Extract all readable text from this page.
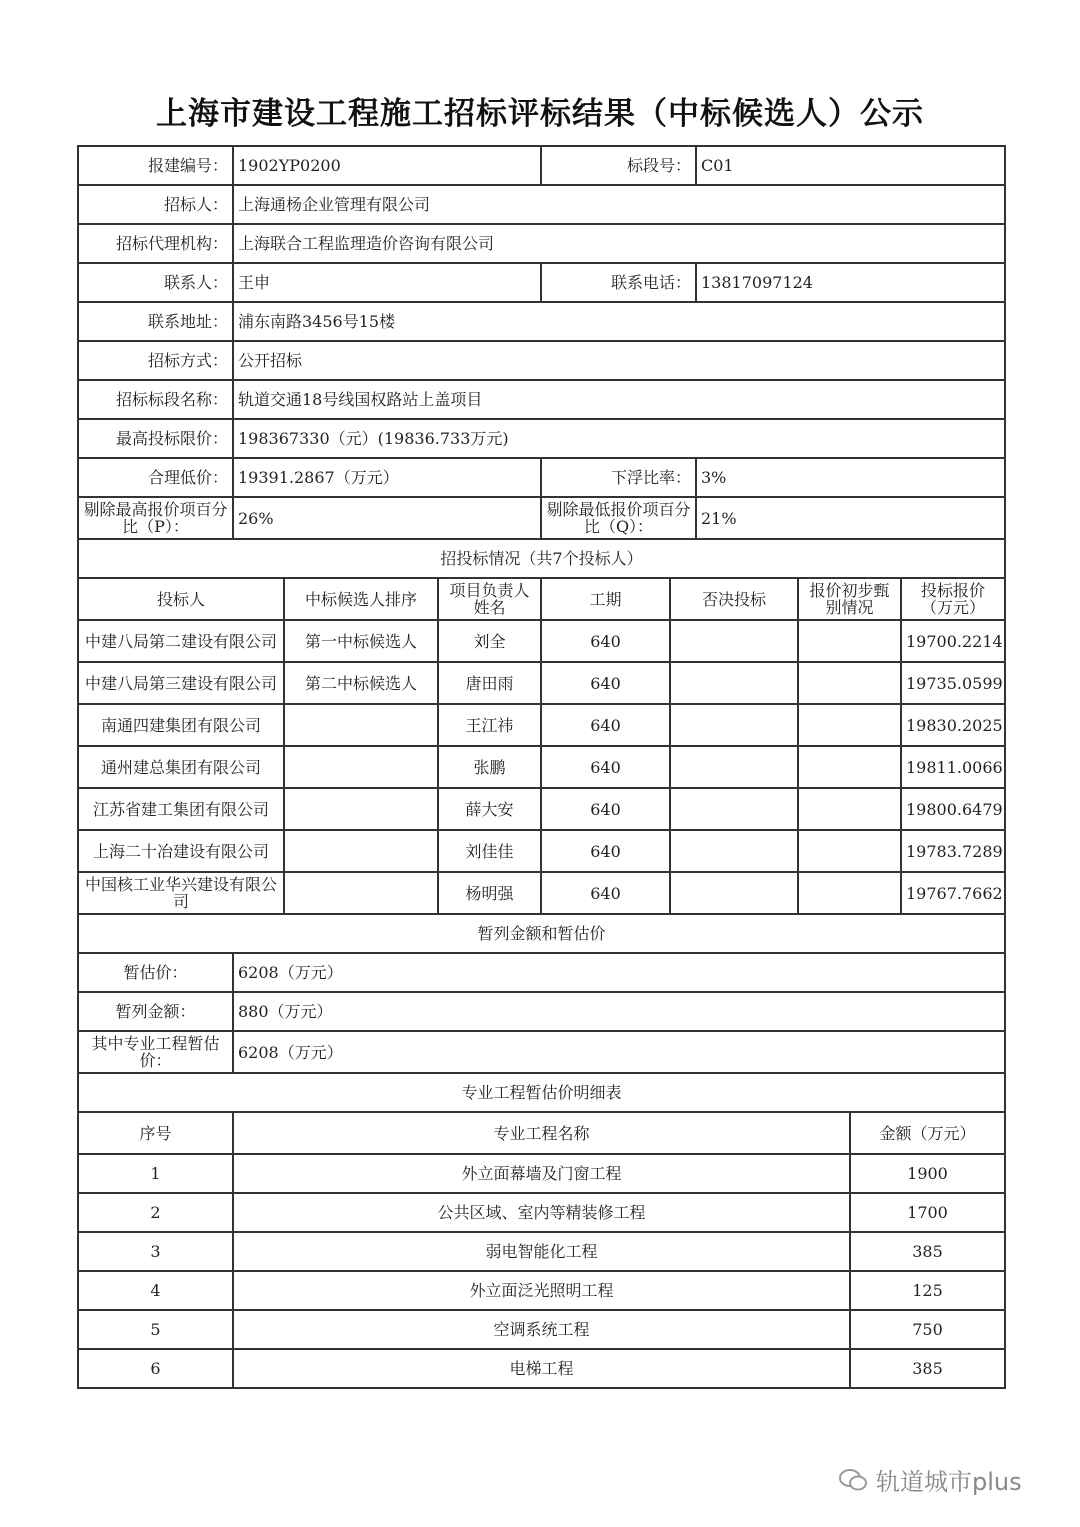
上海市建设工程施工招标评标结果（中标候选人）公示
报建编号：	1902YP0200	标段号：	C01
招标人：	上海通杨企业管理有限公司		
招标代理机构：	上海联合工程监理造价咨询有限公司		
联系人：	王申	联系电话：	13817097124
联系地址：	浦东南路3456号15楼		
招标方式：	公开招标		
招标标段名称：	轨道交通18号线国权路站上盖项目		
最高投标限价：	198367330（元）(19836.733万元)		
合理低价：	19391.2867（万元）	下浮比率：	3%
剔除最高报价项百分比（P）：	26%	剔除最低报价项百分比（Q）：	21%
招投标情况（共7个投标人）			
投标人	中标候选人排序	项目负责人姓名	工期	否决投标	报价初步甄别情况	投标报价（万元）
中建八局第二建设有限公司	第一中标候选人	刘全	640			19700.2214
中建八局第三建设有限公司	第二中标候选人	唐田雨	640			19735.0599
南通四建集团有限公司		王江祎	640			19830.2025
通州建总集团有限公司		张鹏	640			19811.0066
江苏省建工集团有限公司		薛大安	640			19800.6479
上海二十冶建设有限公司		刘佳佳	640			19783.7289
中国核工业华兴建设有限公司		杨明强	640			19767.7662
暂列金额和暂估价						
暂估价：	6208（万元）
暂列金额：	880（万元）
其中专业工程暂估价：	6208（万元）
专业工程暂估价明细表	
序号	专业工程名称	金额（万元）
1	外立面幕墙及门窗工程	1900
2	公共区域、室内等精装修工程	1700
3	弱电智能化工程	385
4	外立面泛光照明工程	125
5	空调系统工程	750
6	电梯工程	385
轨道城市plus
